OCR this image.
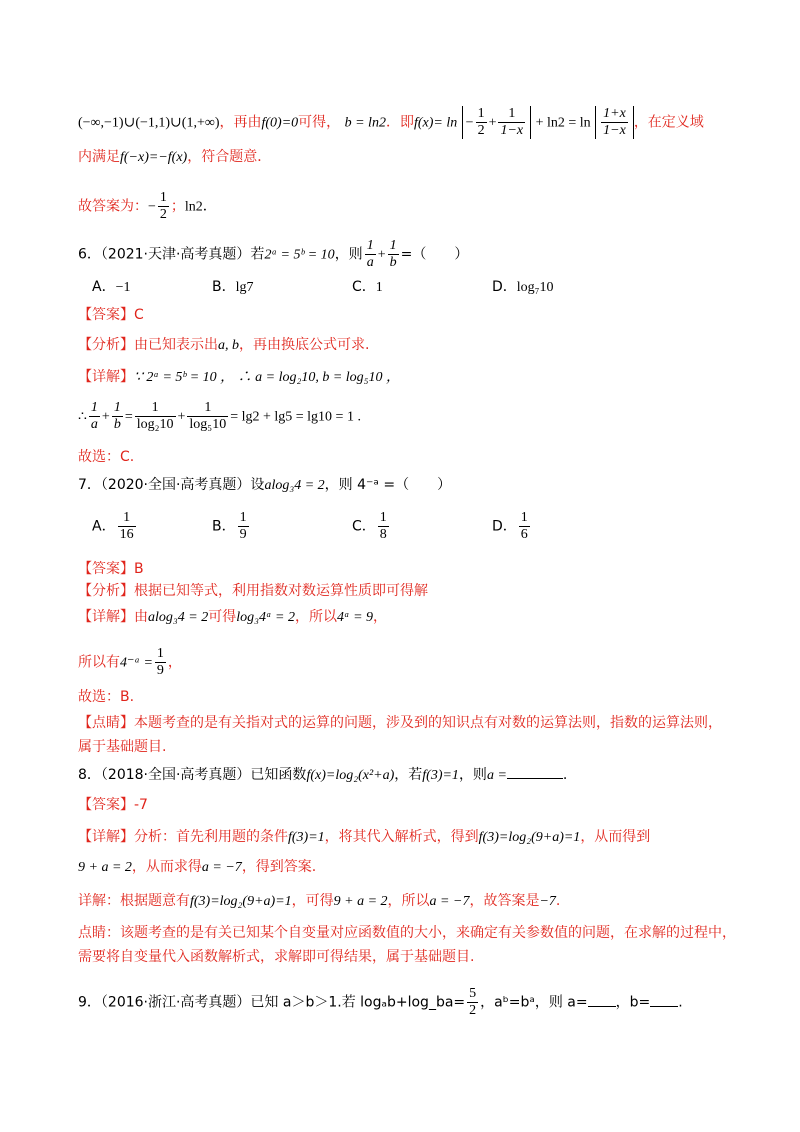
(−∞,−1)∪(−1,1)∪(1,+∞)，再由f(0)=0可得， b = ln2．即$f(x)= \ln - \frac{1}{2} + \frac{1}{1-x} + \ln 2 = \ln \frac{1+x}{1-x}$ ，在定义域
内满足f(−x)=−f(x)，符合题意．
故答案为：− $\frac{1}{2}$ ；ln2．
6．（2021·天津·高考真题）若2ᵃ = 5ᵇ = 10，则 $\frac{1}{a} + \frac{1}{b}$ =（　　）
A．−1	B．lg7	C．1	D．log₇10
【答案】C
【分析】由已知表示出a, b，再由换底公式可求.
【详解】∵ 2ᵃ = 5ᵇ = 10 ， ∴ a = log₂10, b = log₅10 ，
∴ $\frac{1}{a} + \frac{1}{b} = \frac{1}{\text{log₂10}} + \frac{1}{\text{log₅10}} = \lg 2 + \lg 5 = \lg 10 = 1$ .
故选：C.
7．（2020·全国·高考真题）设alog₃4 = 2，则 4⁻ᵃ =（　　）
A． $\frac{1}{16}$	B． $\frac{1}{9}$	C． $\frac{1}{8}$	D． $\frac{1}{6}$
【答案】B
【分析】根据已知等式，利用指数对数运算性质即可得解
【详解】由alog₃4 = 2可得log₃4ᵃ = 2，所以4ᵃ = 9，
所以有4⁻ᵃ = $\frac{1}{9}$ ，
故选：B.
【点睛】本题考查的是有关指对式的运算的问题，涉及到的知识点有对数的运算法则，指数的运算法则，
属于基础题目.
8．（2018·全国·高考真题）已知函数f(x)=log₂(x²+a)，若f(3)=1，则a =	.
【答案】-7
【详解】分析：首先利用题的条件f(3)=1，将其代入解析式，得到f(3)=log₂(9+a)=1，从而得到
9 + a = 2，从而求得a = −7，得到答案.
详解：根据题意有f(3)=log₂(9+a)=1，可得9 + a = 2，所以a = −7，故答案是−7.
点睛：该题考查的是有关已知某个自变量对应函数值的大小，来确定有关参数值的问题，在求解的过程中，
需要将自变量代入函数解析式，求解即可得结果，属于基础题目.
9．（2016·浙江·高考真题）已知 a＞b＞1.若 logₐb+log_ba= $\frac{5}{2}$ ，aᵇ=bᵃ，则 a= ，b= .
